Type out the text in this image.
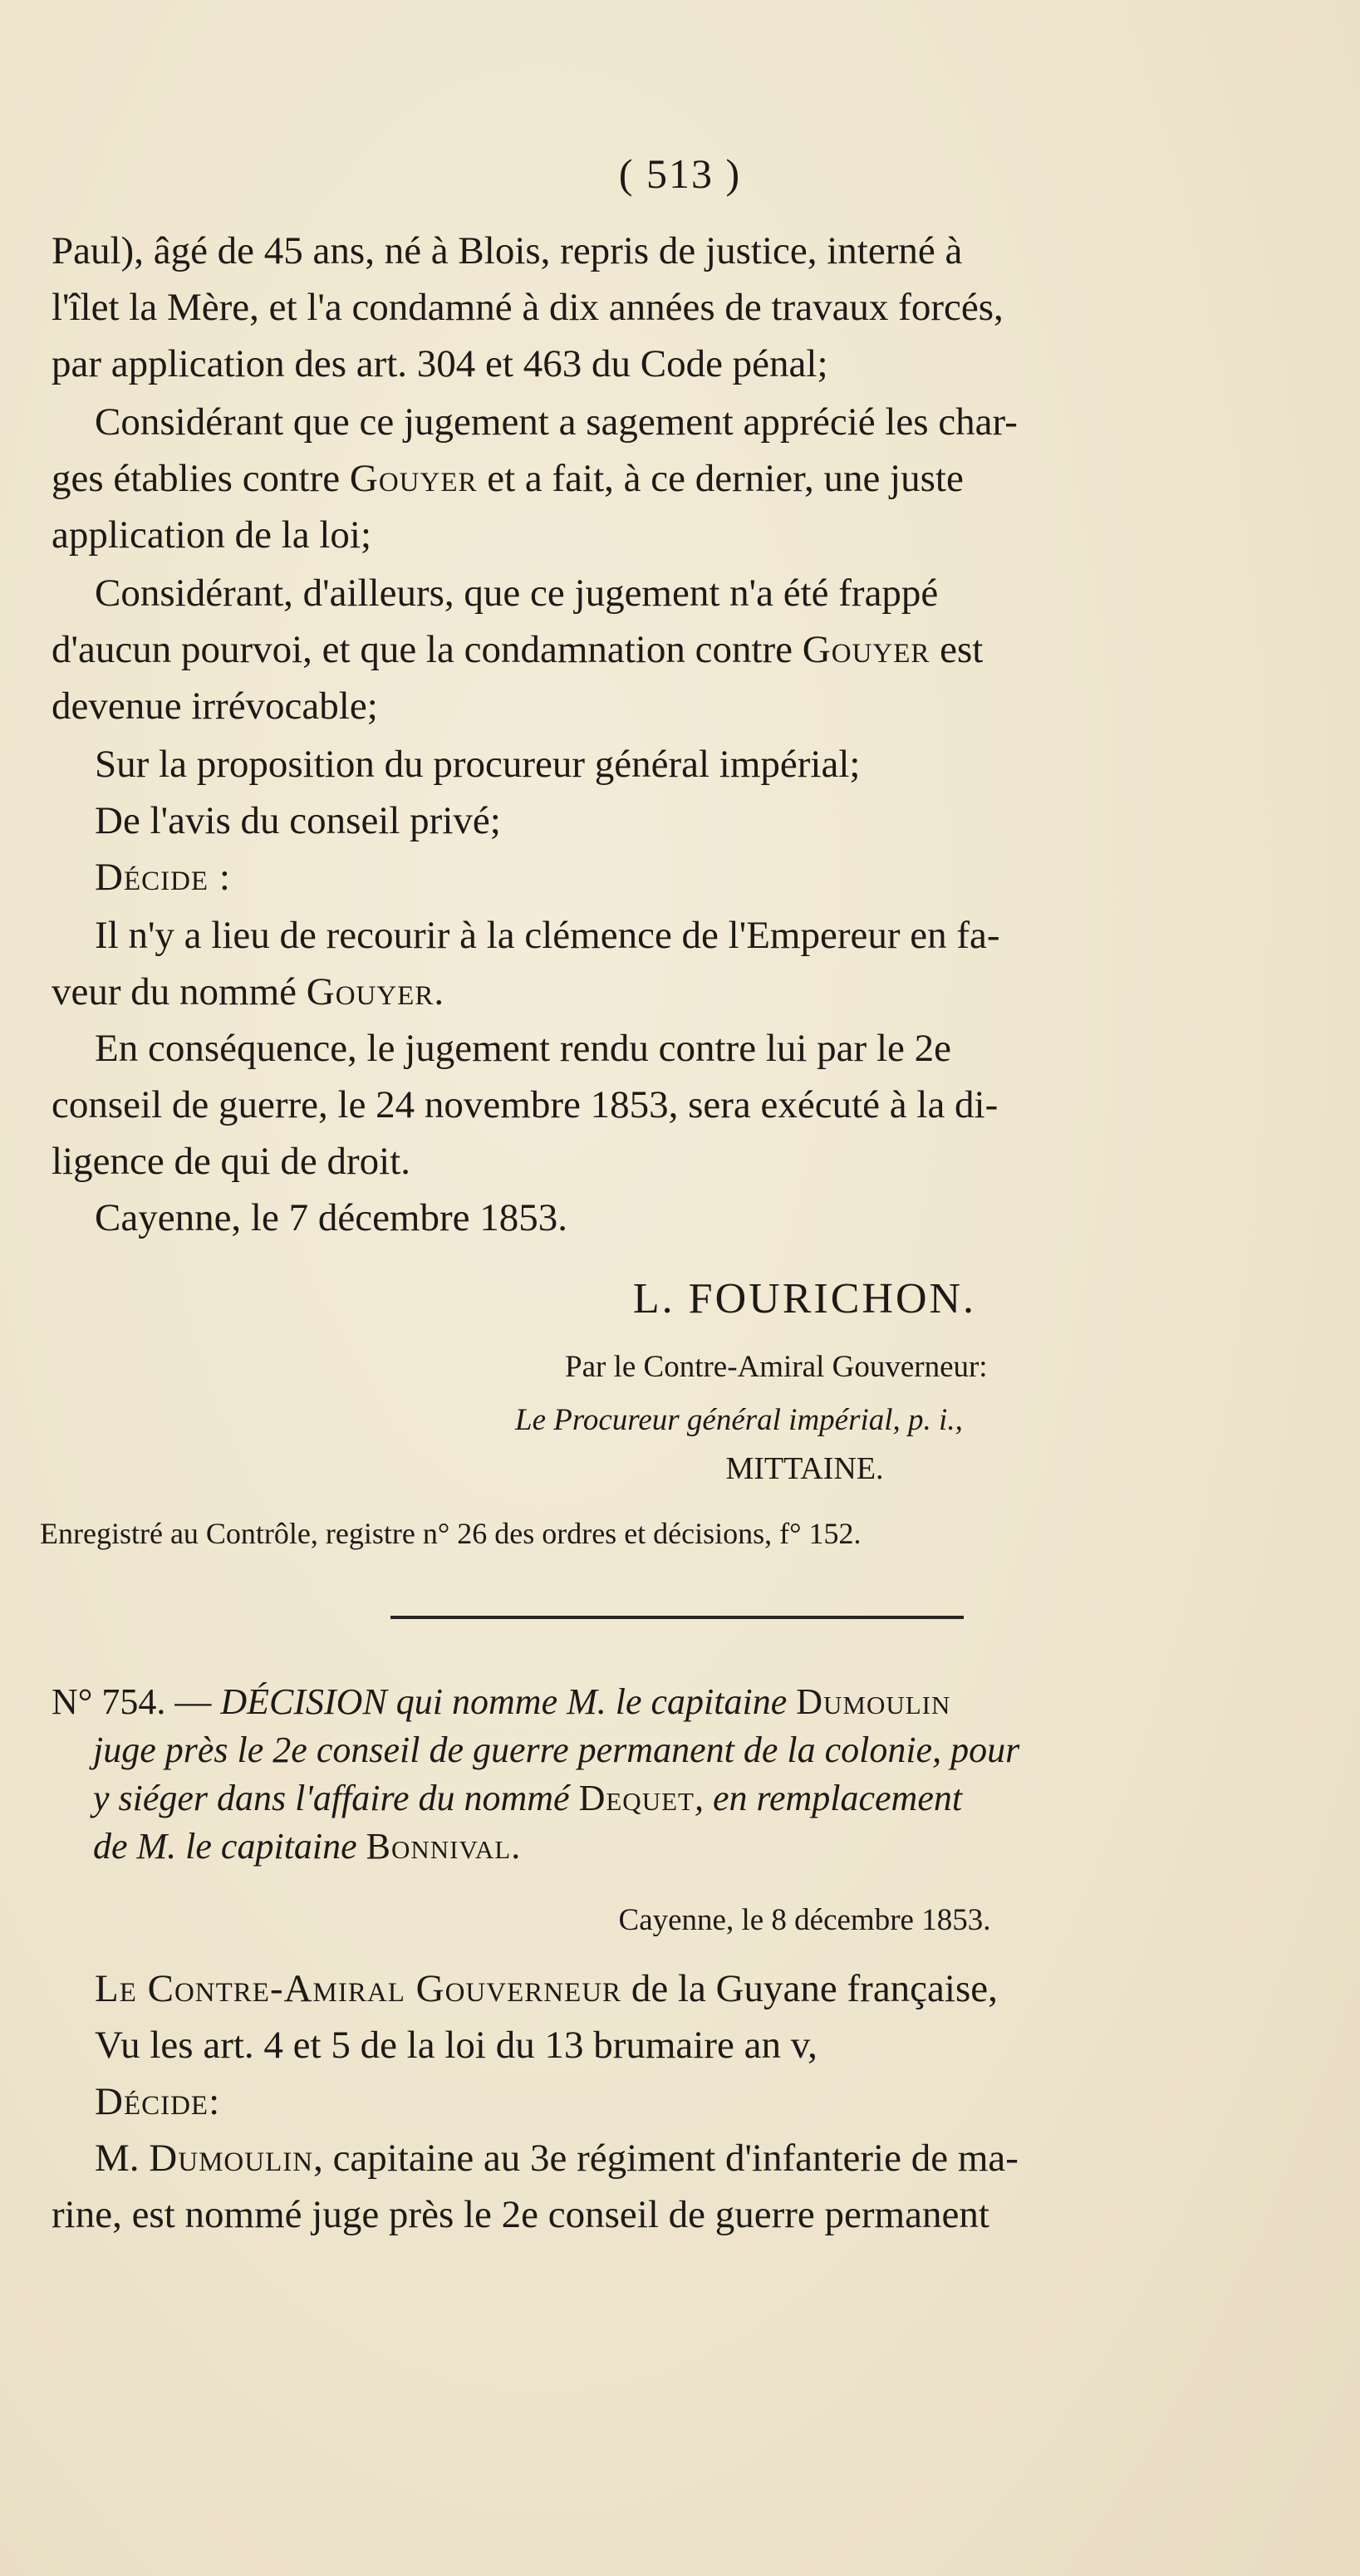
( 513 )
Paul), âgé de 45 ans, né à Blois, repris de justice, interné à
l'îlet la Mère, et l'a condamné à dix années de travaux forcés,
par application des art. 304 et 463 du Code pénal;
Considérant que ce jugement a sagement apprécié les char-
ges établies contre Gouyer et a fait, à ce dernier, une juste
application de la loi;
Considérant, d'ailleurs, que ce jugement n'a été frappé
d'aucun pourvoi, et que la condamnation contre Gouyer est
devenue irrévocable;
Sur la proposition du procureur général impérial;
De l'avis du conseil privé;
Décide :
Il n'y a lieu de recourir à la clémence de l'Empereur en fa-
veur du nommé Gouyer.
En conséquence, le jugement rendu contre lui par le 2e
conseil de guerre, le 24 novembre 1853, sera exécuté à la di-
ligence de qui de droit.
Cayenne, le 7 décembre 1853.
L. FOURICHON.
Par le Contre-Amiral Gouverneur:
Le Procureur général impérial, p. i.,
MITTAINE.
Enregistré au Contrôle, registre n° 26 des ordres et décisions, f° 152.
N° 754. — DÉCISION qui nomme M. le capitaine Dumoulin
juge près le 2e conseil de guerre permanent de la colonie, pour
y siéger dans l'affaire du nommé Dequet, en remplacement
de M. le capitaine Bonnival.
Cayenne, le 8 décembre 1853.
Le Contre-Amiral Gouverneur de la Guyane française,
Vu les art. 4 et 5 de la loi du 13 brumaire an v,
Décide:
M. Dumoulin, capitaine au 3e régiment d'infanterie de ma-
rine, est nommé juge près le 2e conseil de guerre permanent
